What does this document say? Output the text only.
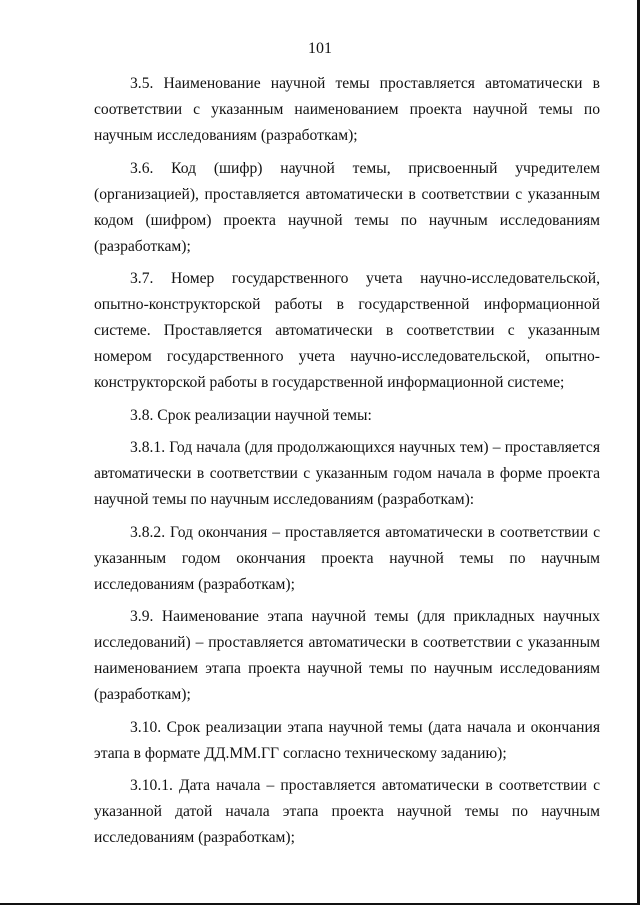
101

3.5. Наименование научной темы проставляется автоматически в соответствии с указанным наименованием проекта научной темы по научным исследованиям (разработкам);

3.6. Код (шифр) научной темы, присвоенный учредителем (организацией), проставляется автоматически в соответствии с указанным кодом (шифром) проекта научной темы по научным исследованиям (разработкам);

3.7. Номер государственного учета научно-исследовательской, опытно-конструкторской работы в государственной информационной системе. Проставляется автоматически в соответствии с указанным номером государственного учета научно-исследовательской, опытно-конструкторской работы в государственной информационной системе;

3.8. Срок реализации научной темы:

3.8.1. Год начала (для продолжающихся научных тем) – проставляется автоматически в соответствии с указанным годом начала в форме проекта научной темы по научным исследованиям (разработкам):

3.8.2. Год окончания – проставляется автоматически в соответствии с указанным годом окончания проекта научной темы по научным исследованиям (разработкам);

3.9. Наименование этапа научной темы (для прикладных научных исследований) – проставляется автоматически в соответствии с указанным наименованием этапа проекта научной темы по научным исследованиям (разработкам);

3.10. Срок реализации этапа научной темы (дата начала и окончания этапа в формате ДД.ММ.ГГ согласно техническому заданию);

3.10.1. Дата начала – проставляется автоматически в соответствии с указанной датой начала этапа проекта научной темы по научным исследованиям (разработкам);
